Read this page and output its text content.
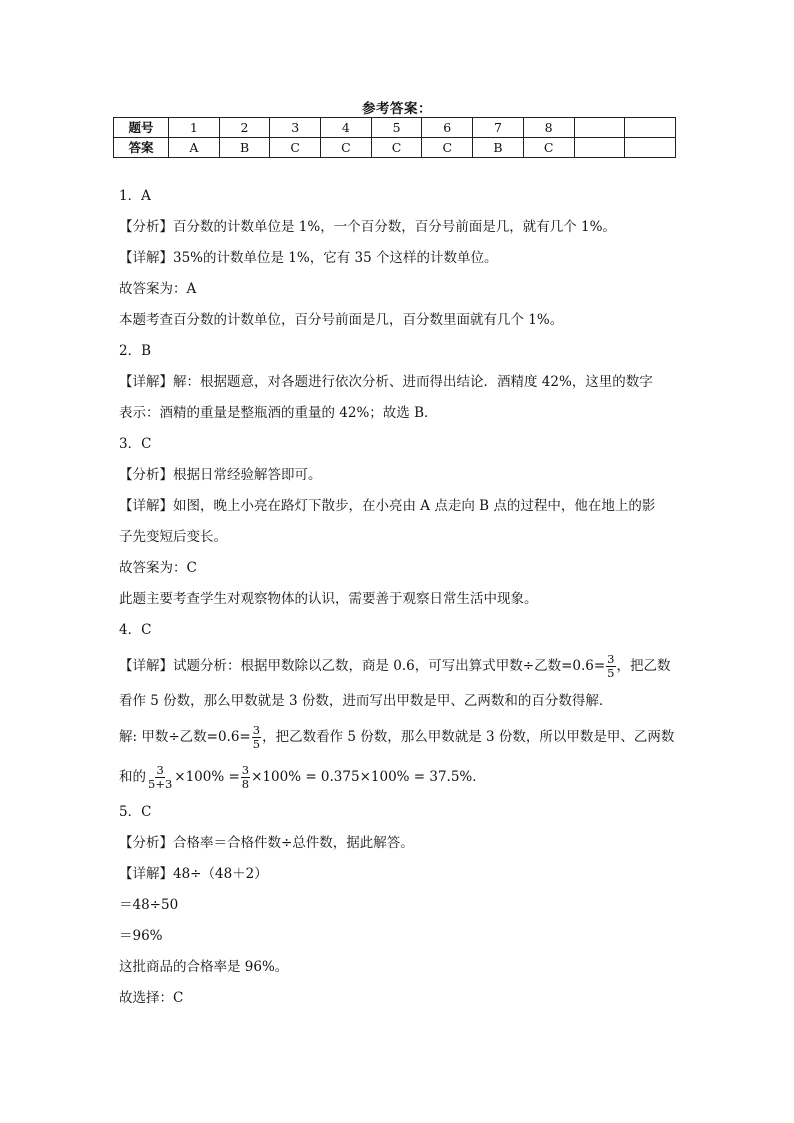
参考答案：
题号	1	2	3	4	5	6	7	8		
答案	A	B	C	C	C	C	B	C		

1．A

【分析】百分数的计数单位是 1%，一个百分数，百分号前面是几，就有几个 1%。

【详解】35%的计数单位是 1%，它有 35 个这样的计数单位。

故答案为：A

本题考查百分数的计数单位，百分号前面是几，百分数里面就有几个 1%。

2．B

【详解】解：根据题意，对各题进行依次分析、进而得出结论．酒精度 42%，这里的数字

表示：酒精的重量是整瓶酒的重量的 42%；故选 B．

3．C

【分析】根据日常经验解答即可。

【详解】如图，晚上小亮在路灯下散步，在小亮由 A 点走向 B 点的过程中，他在地上的影

子先变短后变长。

故答案为：C

此题主要考查学生对观察物体的认识，需要善于观察日常生活中现象。

4．C

【详解】试题分析：根据甲数除以乙数，商是 0.6，可写出算式甲数÷乙数$=0.6= \frac{3}{5}$ ，把乙数

看作 5 份数，那么甲数就是 3 份数，进而写出甲数是甲、乙两数和的百分数得解．

解: 甲数÷乙数$=0.6= \frac{3}{5}$ ，把乙数看作 5 份数，那么甲数就是 3 份数，所以甲数是甲、乙两数

和的 $\frac{3}{5+3} \times 100\% = \frac{3}{8} \times 100\% = 0.375\times 100\% = 37.5\%$．

5．C

【分析】合格率＝合格件数÷总件数，据此解答。

【详解】48÷（48＋2）

＝48÷50

＝96%

这批商品的合格率是 96%。

故选择：C
